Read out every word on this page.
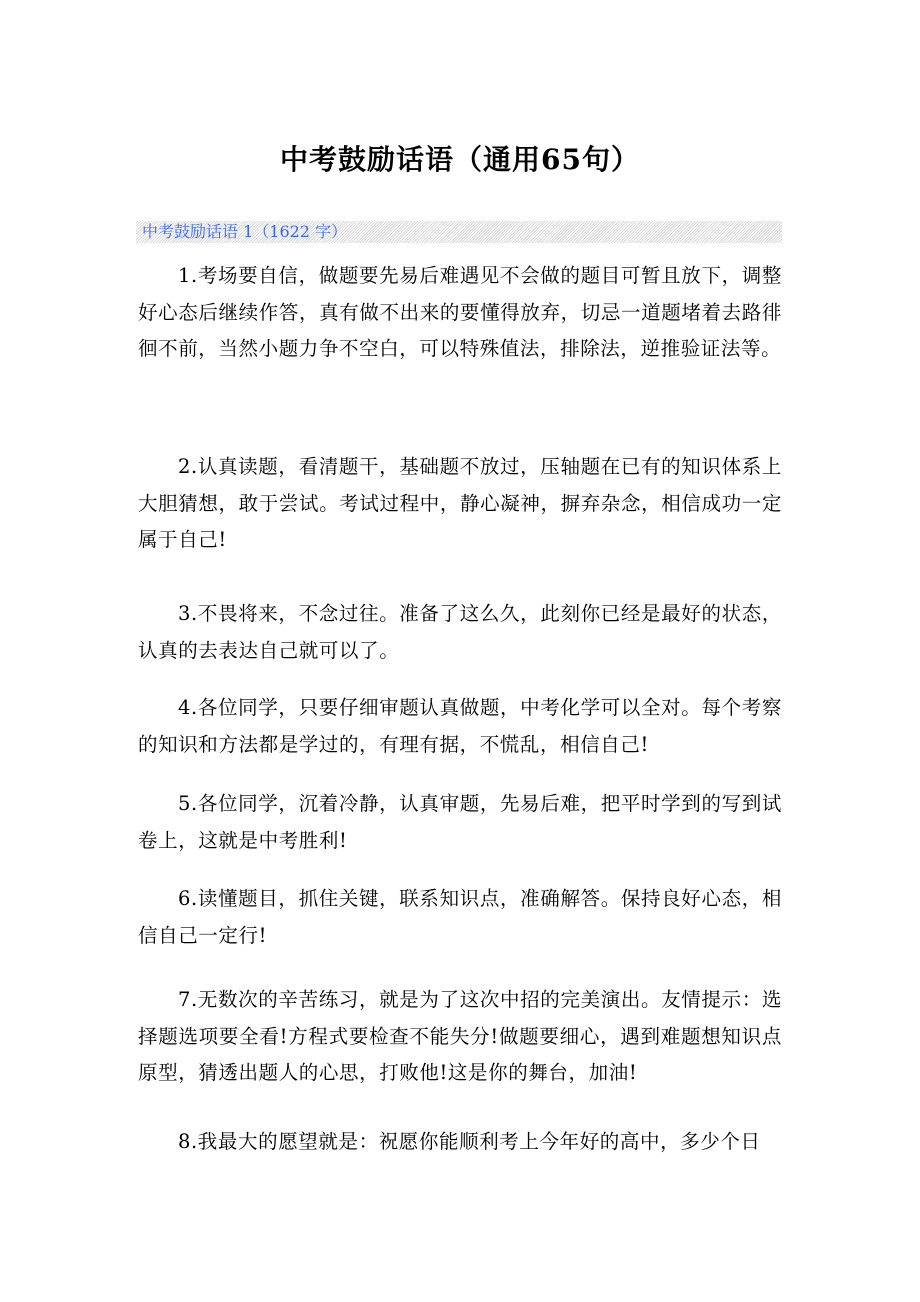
中考鼓励话语（通用65句）
中考鼓励话语 1（1622 字）

1.考场要自信，做题要先易后难遇见不会做的题目可暂且放下，调整好心态后继续作答，真有做不出来的要懂得放弃，切忌一道题堵着去路徘徊不前，当然小题力争不空白，可以特殊值法，排除法，逆推验证法等。

2.认真读题，看清题干，基础题不放过，压轴题在已有的知识体系上大胆猜想，敢于尝试。考试过程中，静心凝神，摒弃杂念，相信成功一定属于自己!

3.不畏将来，不念过往。准备了这么久，此刻你已经是最好的状态，认真的去表达自己就可以了。

4.各位同学，只要仔细审题认真做题，中考化学可以全对。每个考察的知识和方法都是学过的，有理有据，不慌乱，相信自己!

5.各位同学，沉着冷静，认真审题，先易后难，把平时学到的写到试卷上，这就是中考胜利!

6.读懂题目，抓住关键，联系知识点，准确解答。保持良好心态，相信自己一定行!

7.无数次的辛苦练习，就是为了这次中招的完美演出。友情提示：选择题选项要全看!方程式要检查不能失分!做题要细心，遇到难题想知识点原型，猜透出题人的心思，打败他!这是你的舞台，加油!

8.我最大的愿望就是：祝愿你能顺利考上今年好的高中，多少个日
